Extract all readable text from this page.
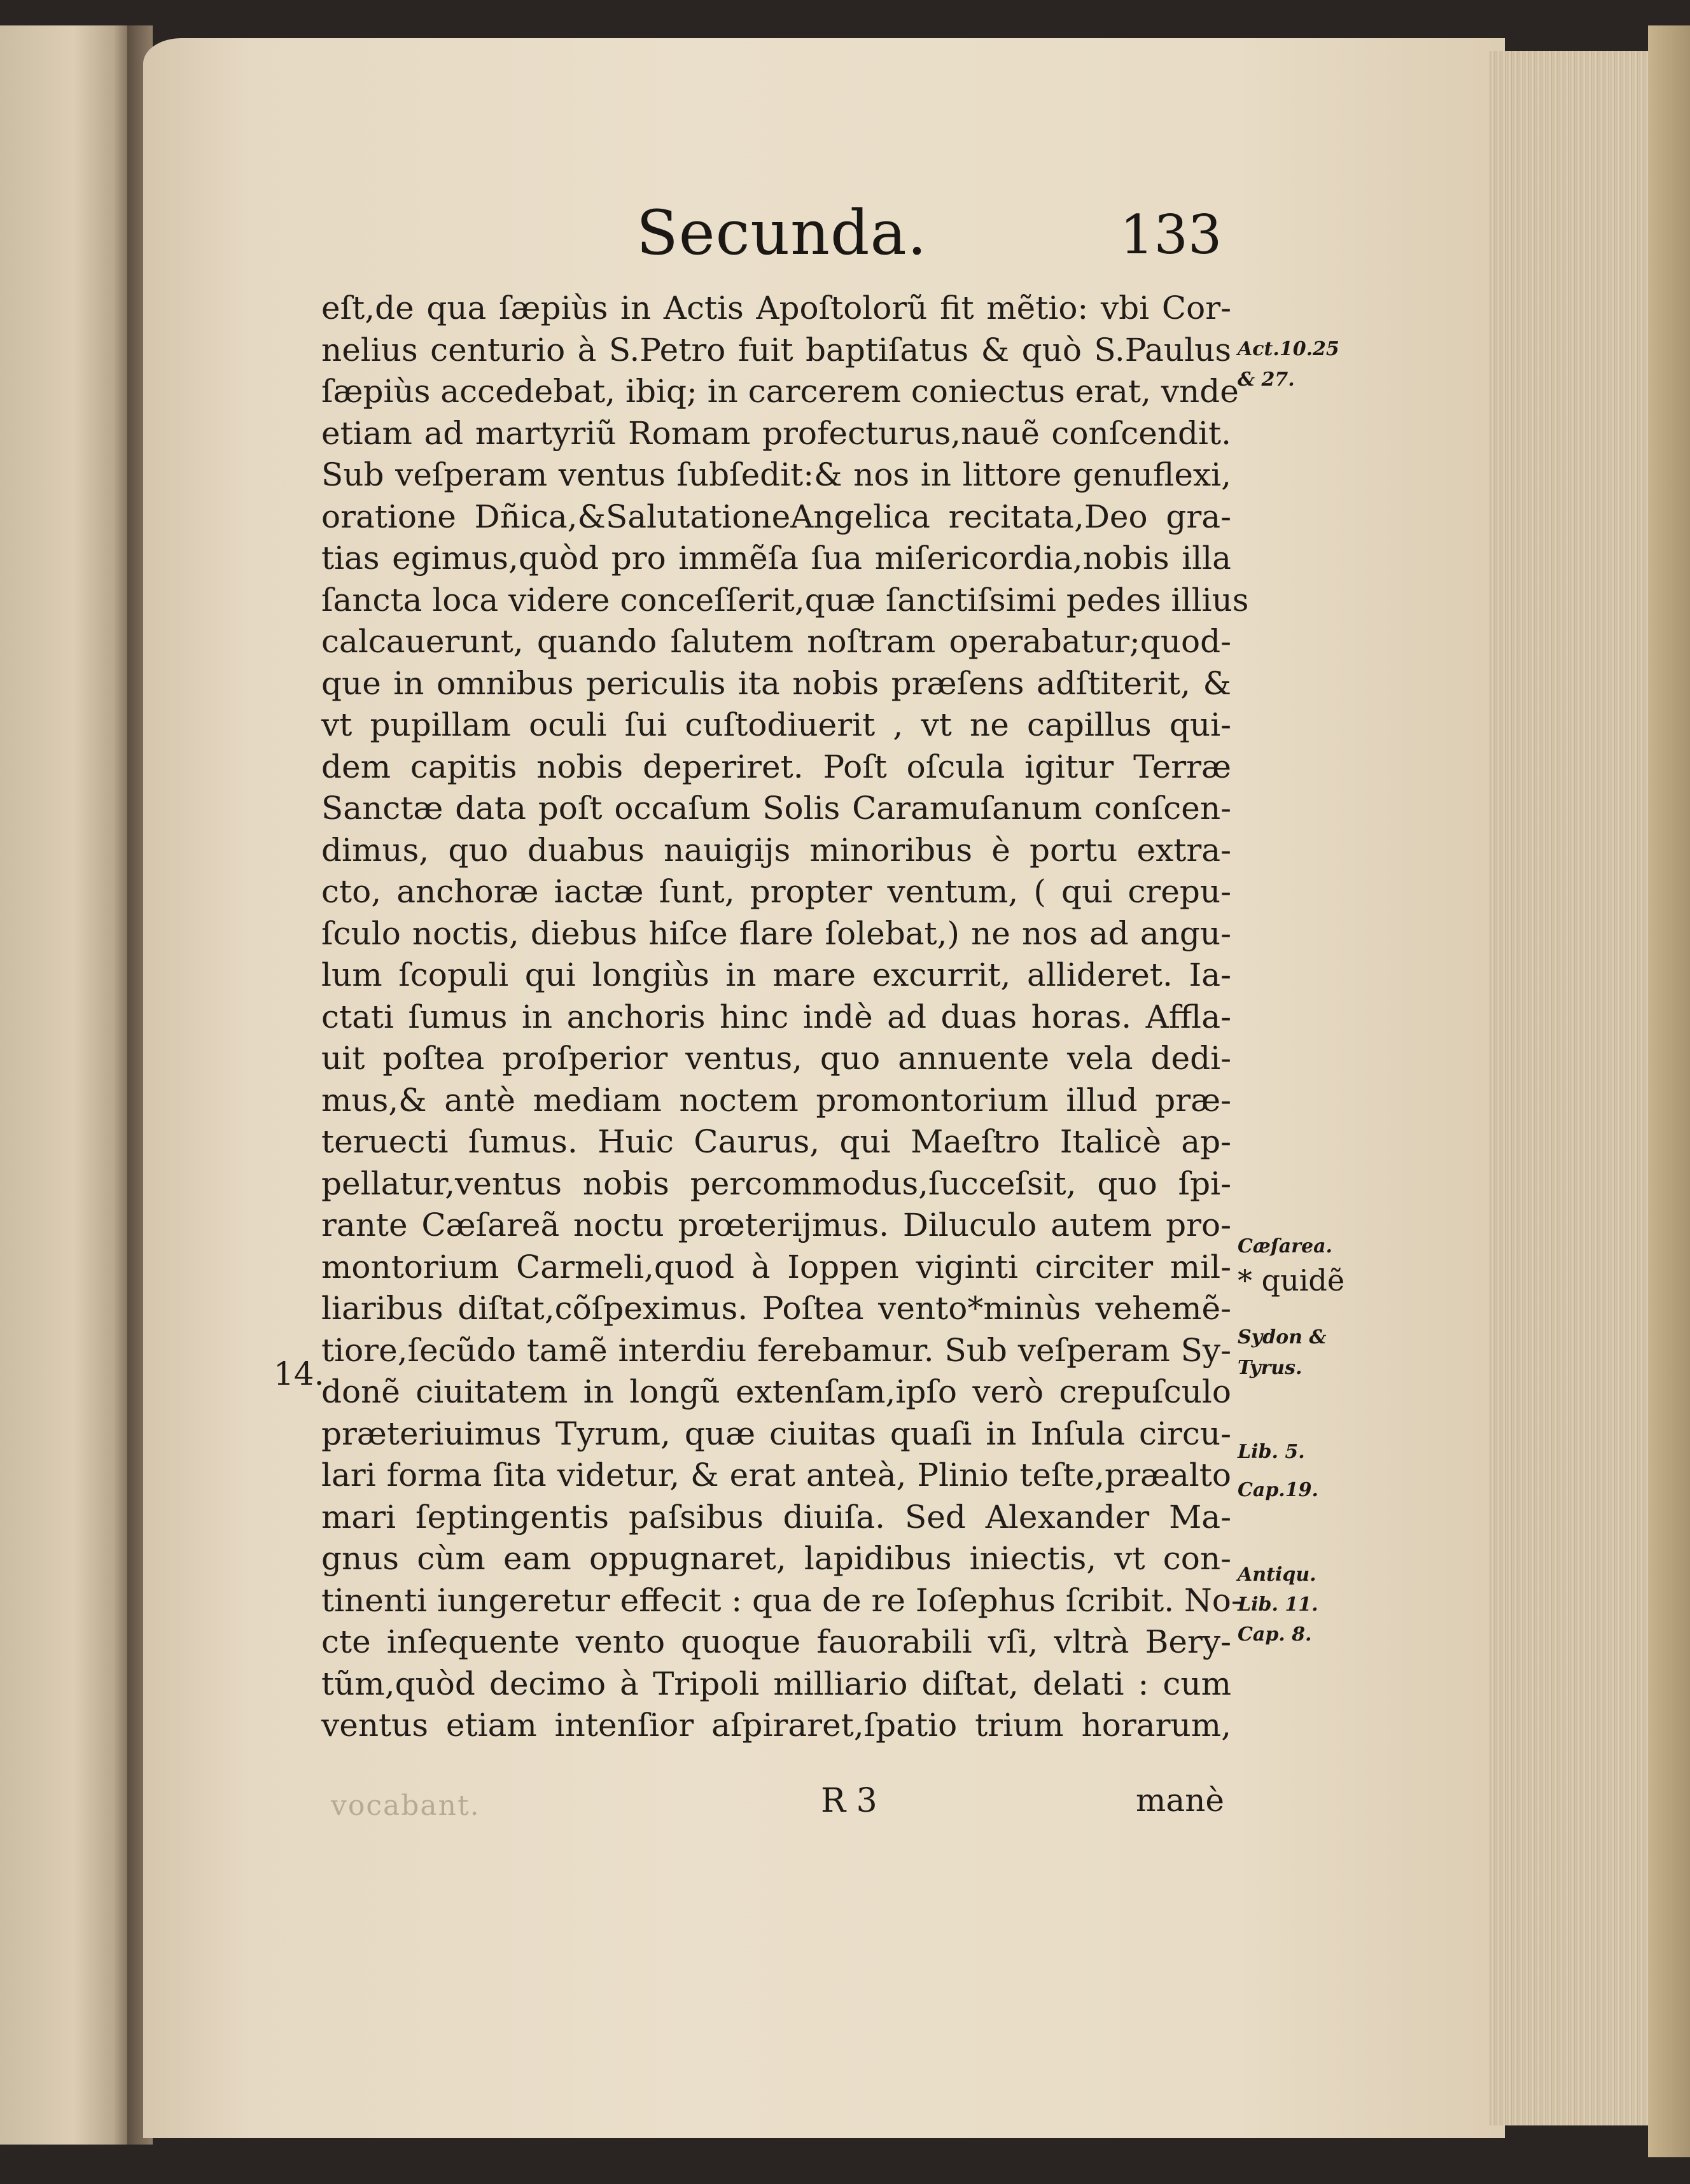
Secunda.	133
eſt,de qua ſæpiùs in Actis Apoſtolorũ fit mẽtio: vbi Cor-
nelius centurio à S.Petro fuit baptiſatus & quò S.Paulus
ſæpiùs accedebat, ibiq; in carcerem coniectus erat, vnde
etiam ad martyriũ Romam profecturus,nauẽ conſcendit.
Sub veſperam ventus ſubſedit:& nos in littore genuflexi,
oratione Dñica,&SalutationeAngelica recitata,Deo gra-
tias egimus,quòd pro immẽſa ſua miſericordia,nobis illa
ſancta loca videre conceſſerit,quæ ſanctiſsimi pedes illius
calcauerunt, quando ſalutem noſtram operabatur;quod-
que in omnibus periculis ita nobis præſens adſtiterit, &
vt pupillam oculi ſui cuſtodiuerit , vt ne capillus qui-
dem capitis nobis deperiret. Poſt oſcula igitur Terræ
Sanctæ data poſt occaſum Solis Caramuſanum conſcen-
dimus, quo duabus nauigijs minoribus è portu extra-
cto, anchoræ iactæ ſunt, propter ventum, ( qui crepu-
ſculo noctis, diebus hiſce flare ſolebat,) ne nos ad angu-
lum ſcopuli qui longiùs in mare excurrit, allideret. Ia-
ctati ſumus in anchoris hinc indè ad duas horas. Affla-
uit poſtea proſperior ventus, quo annuente vela dedi-
mus,& antè mediam noctem promontorium illud præ-
teruecti ſumus. Huic Caurus, qui Maeſtro Italicè ap-
pellatur,ventus nobis percommodus,ſucceſsit, quo ſpi-
rante Cæſareã noctu prœterijmus. Diluculo autem pro-
montorium Carmeli,quod à Ioppen viginti circiter mil-
liaribus diſtat,cõſpeximus. Poſtea vento*minùs vehemẽ-
tiore,ſecũdo tamẽ interdiu ferebamur. Sub veſperam Sy-
donẽ ciuitatem in longũ extenſam,ipſo verò crepuſculo
præteriuimus Tyrum, quæ ciuitas quaſi in Inſula circu-
lari forma ſita videtur, & erat anteà, Plinio teſte,præalto
mari ſeptingentis paſsibus diuiſa. Sed Alexander Ma-
gnus cùm eam oppugnaret, lapidibus iniectis, vt con-
tinenti iungeretur effecit : qua de re Ioſephus ſcribit. No-
cte inſequente vento quoque fauorabili vſi, vltrà Bery-
tũm,quòd decimo à Tripoli milliario diſtat, delati : cum
ventus etiam intenſior aſpiraret,ſpatio trium horarum,
Act.10.25
& 27.
Cæſarea.
* quidẽ
Sydon &
Tyrus.
Lib. 5.
Cap.19.
Antiqu.
Lib. 11.
Cap. 8.
14.
vocabant.	R 3	manè
